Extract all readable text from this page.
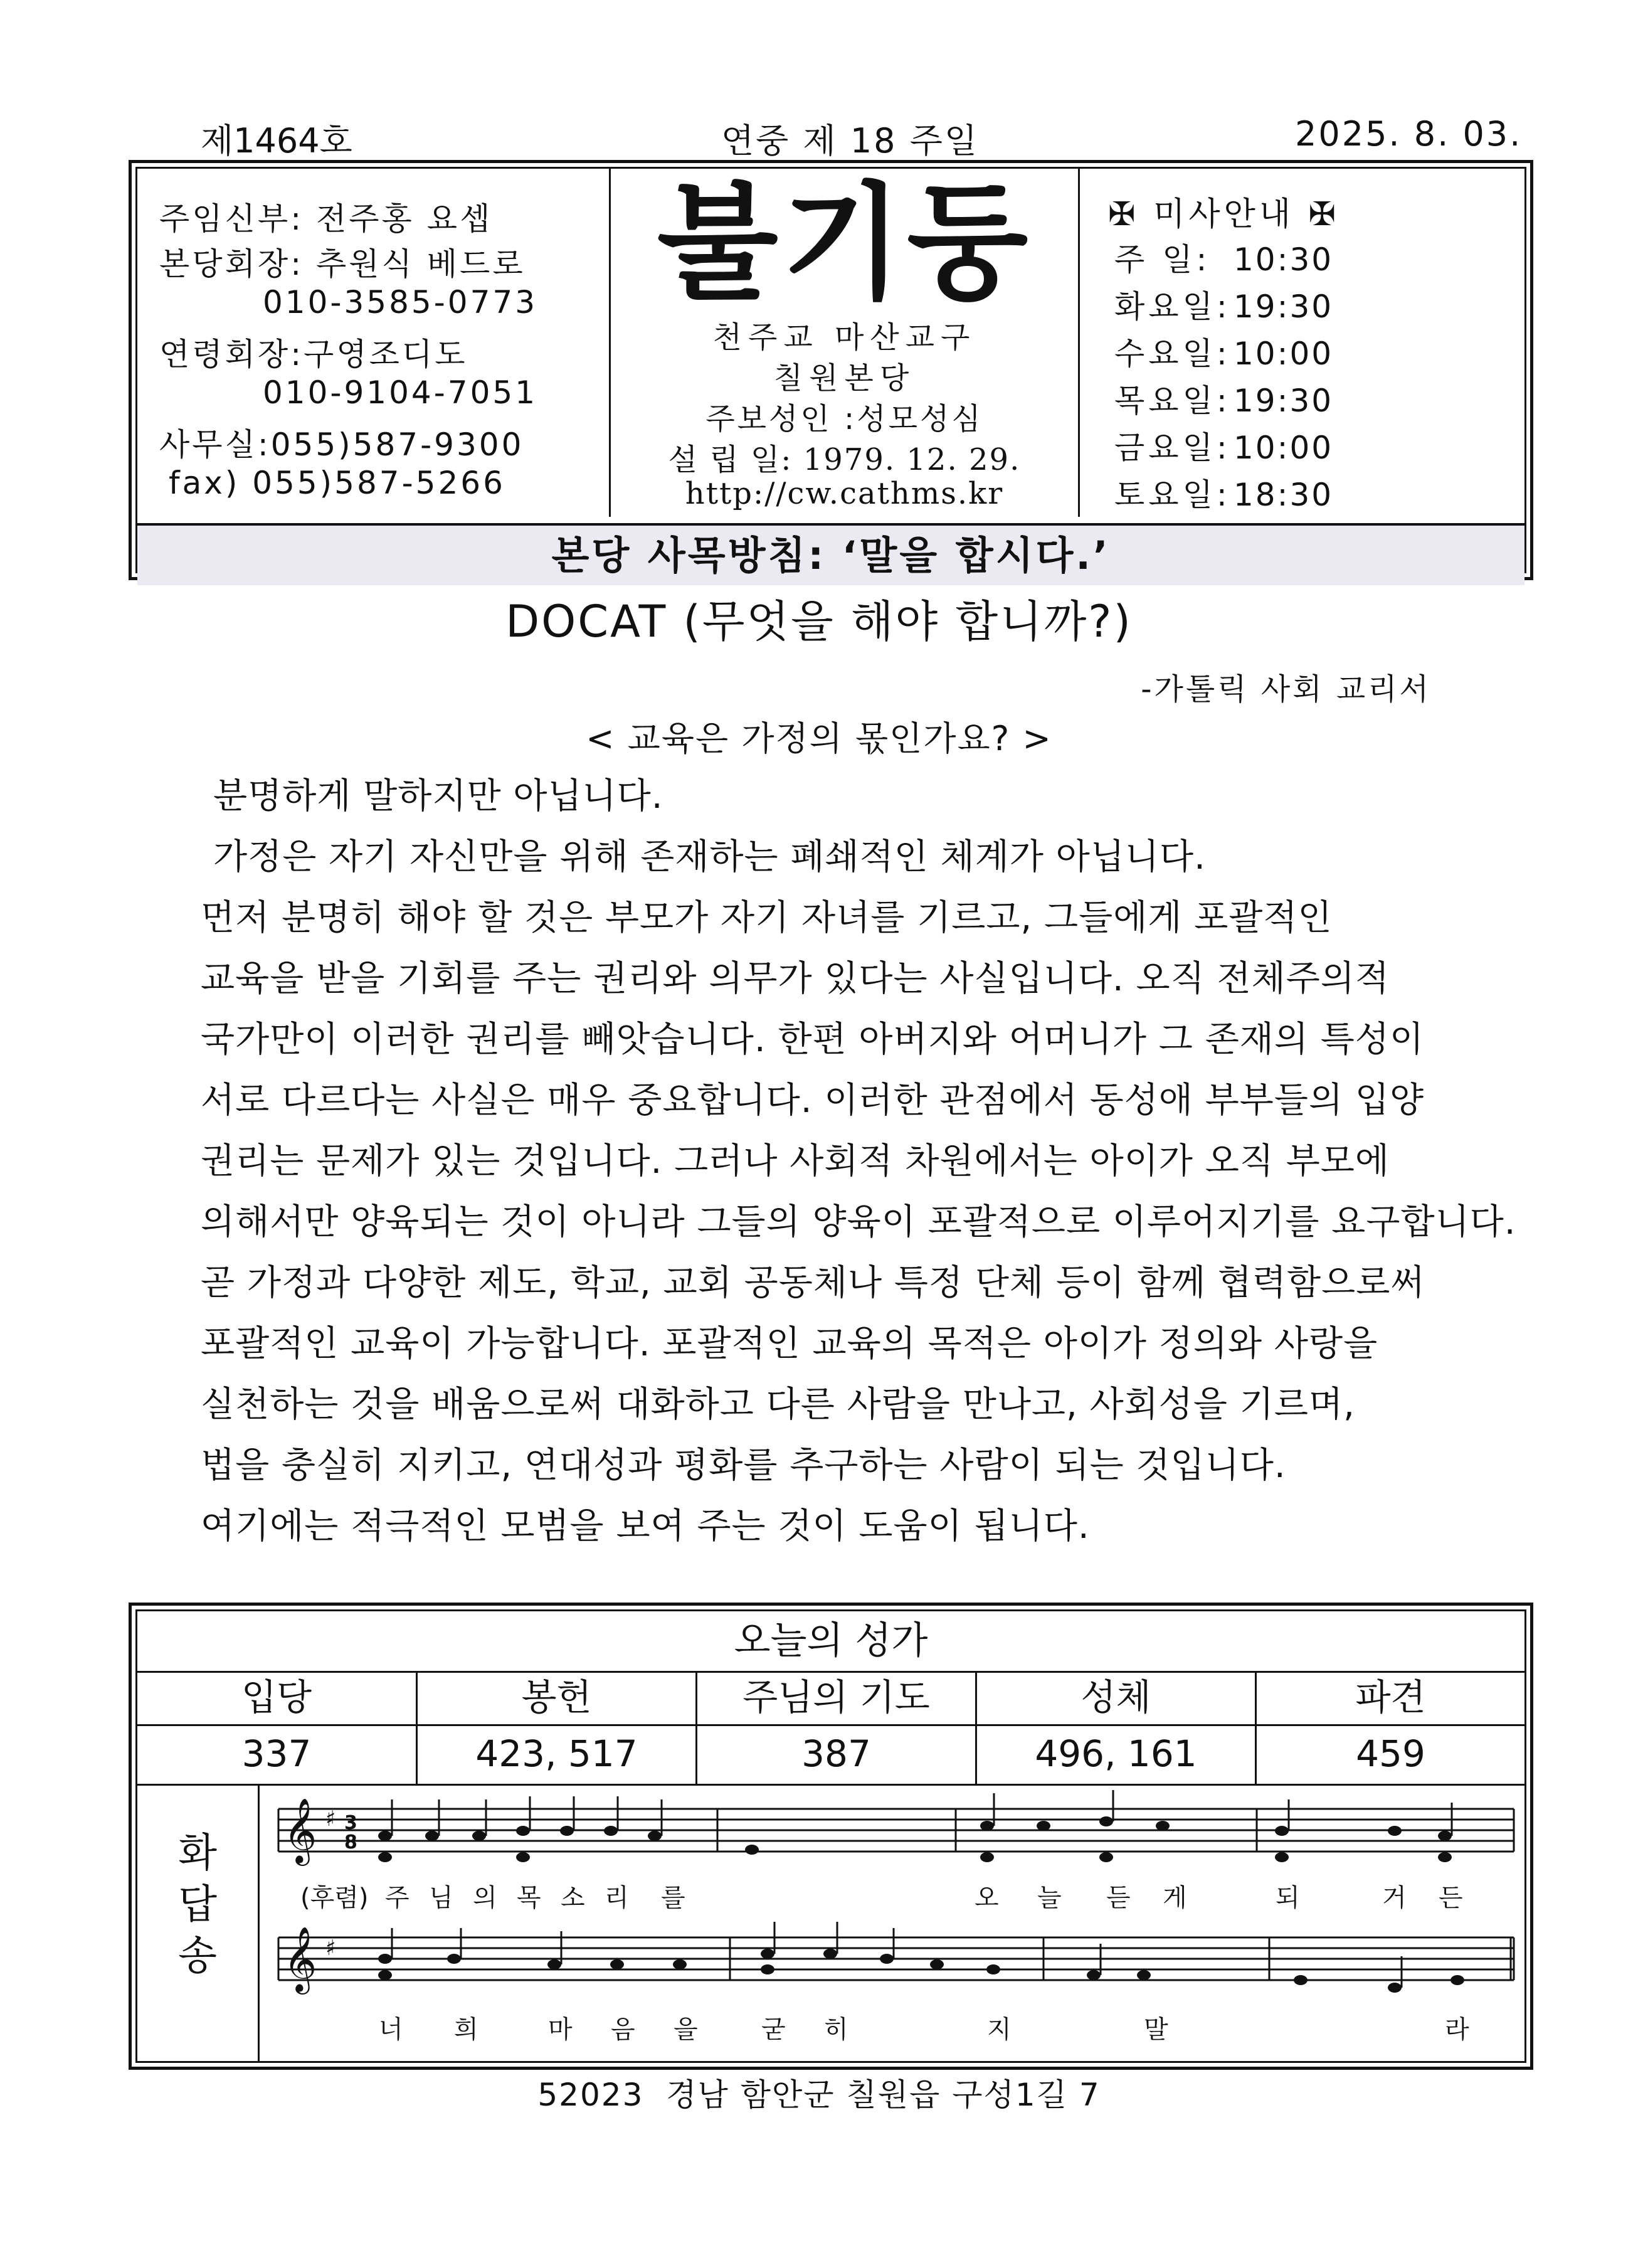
제1464호	연중 제 18 주일	2025. 8. 03.
주임신부: 전주홍 요셉
본당회장: 추원식 베드로
010-3585-0773
연령회장:구영조디도
010-9104-7051
사무실:055)587-9300
fax) 055)587-5266
불기둥
천주교 마산교구
칠원본당
주보성인 :성모성심
설 립 일: 1979. 12. 29.
http://cw.cathms.kr
✠ 미사안내 ✠
주 일: 10:30
화요일:19:30
수요일:10:00
목요일:19:30
금요일:10:00
토요일:18:30
본당 사목방침: ‘말을 합시다.’
DOCAT (무엇을 해야 합니까?)
-가톨릭 사회 교리서
< 교육은 가정의 몫인가요? >
분명하게 말하지만 아닙니다.
가정은 자기 자신만을 위해 존재하는 폐쇄적인 체계가 아닙니다.
먼저 분명히 해야 할 것은 부모가 자기 자녀를 기르고, 그들에게 포괄적인
교육을 받을 기회를 주는 권리와 의무가 있다는 사실입니다. 오직 전체주의적
국가만이 이러한 권리를 빼앗습니다. 한편 아버지와 어머니가 그 존재의 특성이
서로 다르다는 사실은 매우 중요합니다. 이러한 관점에서 동성애 부부들의 입양
권리는 문제가 있는 것입니다. 그러나 사회적 차원에서는 아이가 오직 부모에
의해서만 양육되는 것이 아니라 그들의 양육이 포괄적으로 이루어지기를 요구합니다.
곧 가정과 다양한 제도, 학교, 교회 공동체나 특정 단체 등이 함께 협력함으로써
포괄적인 교육이 가능합니다. 포괄적인 교육의 목적은 아이가 정의와 사랑을
실천하는 것을 배움으로써 대화하고 다른 사람을 만나고, 사회성을 기르며,
법을 충실히 지키고, 연대성과 평화를 추구하는 사람이 되는 것입니다.
여기에는 적극적인 모범을 보여 주는 것이 도움이 됩니다.
오늘의 성가
입당	봉헌	주님의 기도	성체	파견
337	423, 517	387	496, 161	459
화답송
𝄞
𝄞
♯
♯
3
8
(후렴) 주 님 의 목 소 리 를	오 늘 듣 게	되	거 든
너 희	마 음 을	굳 히	지	말	라
52023  경남 함안군 칠원읍 구성1길 7
